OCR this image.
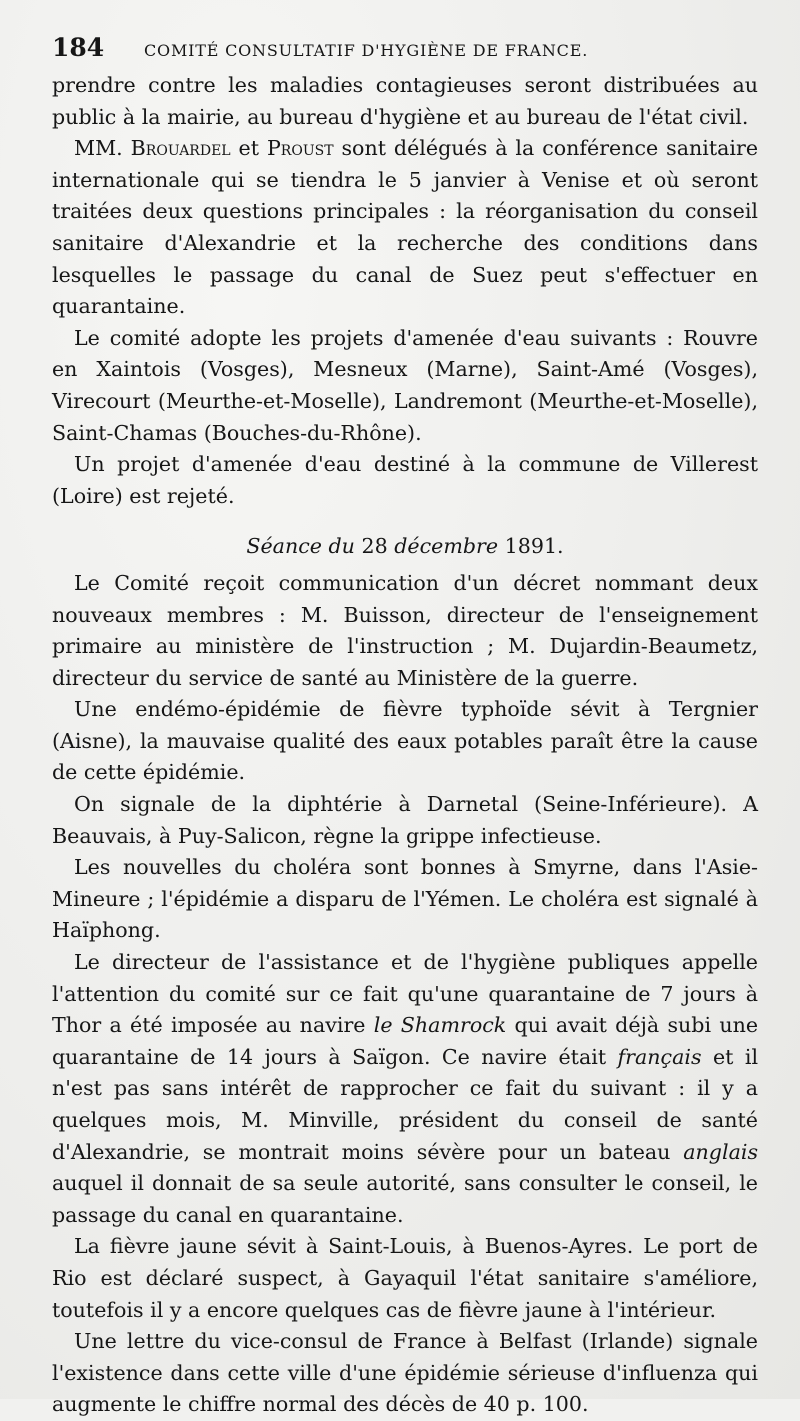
184	COMITÉ CONSULTATIF D'HYGIÈNE DE FRANCE.

prendre contre les maladies contagieuses seront distribuées au public à la mairie, au bureau d'hygiène et au bureau de l'état civil.

MM. Brouardel et Proust sont délégués à la conférence sanitaire internationale qui se tiendra le 5 janvier à Venise et où seront traitées deux questions principales : la réorganisation du conseil sanitaire d'Alexandrie et la recherche des conditions dans lesquelles le passage du canal de Suez peut s'effectuer en quarantaine.

Le comité adopte les projets d'amenée d'eau suivants : Rouvre en Xaintois (Vosges), Mesneux (Marne), Saint-Amé (Vosges), Virecourt (Meurthe-et-Moselle), Landremont (Meurthe-et-Moselle), Saint-Chamas (Bouches-du-Rhône).

Un projet d'amenée d'eau destiné à la commune de Villerest (Loire) est rejeté.

Séance du 28 décembre 1891.

Le Comité reçoit communication d'un décret nommant deux nouveaux membres : M. Buisson, directeur de l'enseignement primaire au ministère de l'instruction ; M. Dujardin-Beaumetz, directeur du service de santé au Ministère de la guerre.

Une endémo-épidémie de fièvre typhoïde sévit à Tergnier (Aisne), la mauvaise qualité des eaux potables paraît être la cause de cette épidémie.

On signale de la diphtérie à Darnetal (Seine-Inférieure). A Beauvais, à Puy-Salicon, règne la grippe infectieuse.

Les nouvelles du choléra sont bonnes à Smyrne, dans l'Asie-Mineure ; l'épidémie a disparu de l'Yémen. Le choléra est signalé à Haïphong.

Le directeur de l'assistance et de l'hygiène publiques appelle l'attention du comité sur ce fait qu'une quarantaine de 7 jours à Thor a été imposée au navire le Shamrock qui avait déjà subi une quarantaine de 14 jours à Saïgon. Ce navire était français et il n'est pas sans intérêt de rapprocher ce fait du suivant : il y a quelques mois, M. Minville, président du conseil de santé d'Alexandrie, se montrait moins sévère pour un bateau anglais auquel il donnait de sa seule autorité, sans consulter le conseil, le passage du canal en quarantaine.

La fièvre jaune sévit à Saint-Louis, à Buenos-Ayres. Le port de Rio est déclaré suspect, à Gayaquil l'état sanitaire s'améliore, toutefois il y a encore quelques cas de fièvre jaune à l'intérieur.

Une lettre du vice-consul de France à Belfast (Irlande) signale l'existence dans cette ville d'une épidémie sérieuse d'influenza qui augmente le chiffre normal des décès de 40 p. 100.
